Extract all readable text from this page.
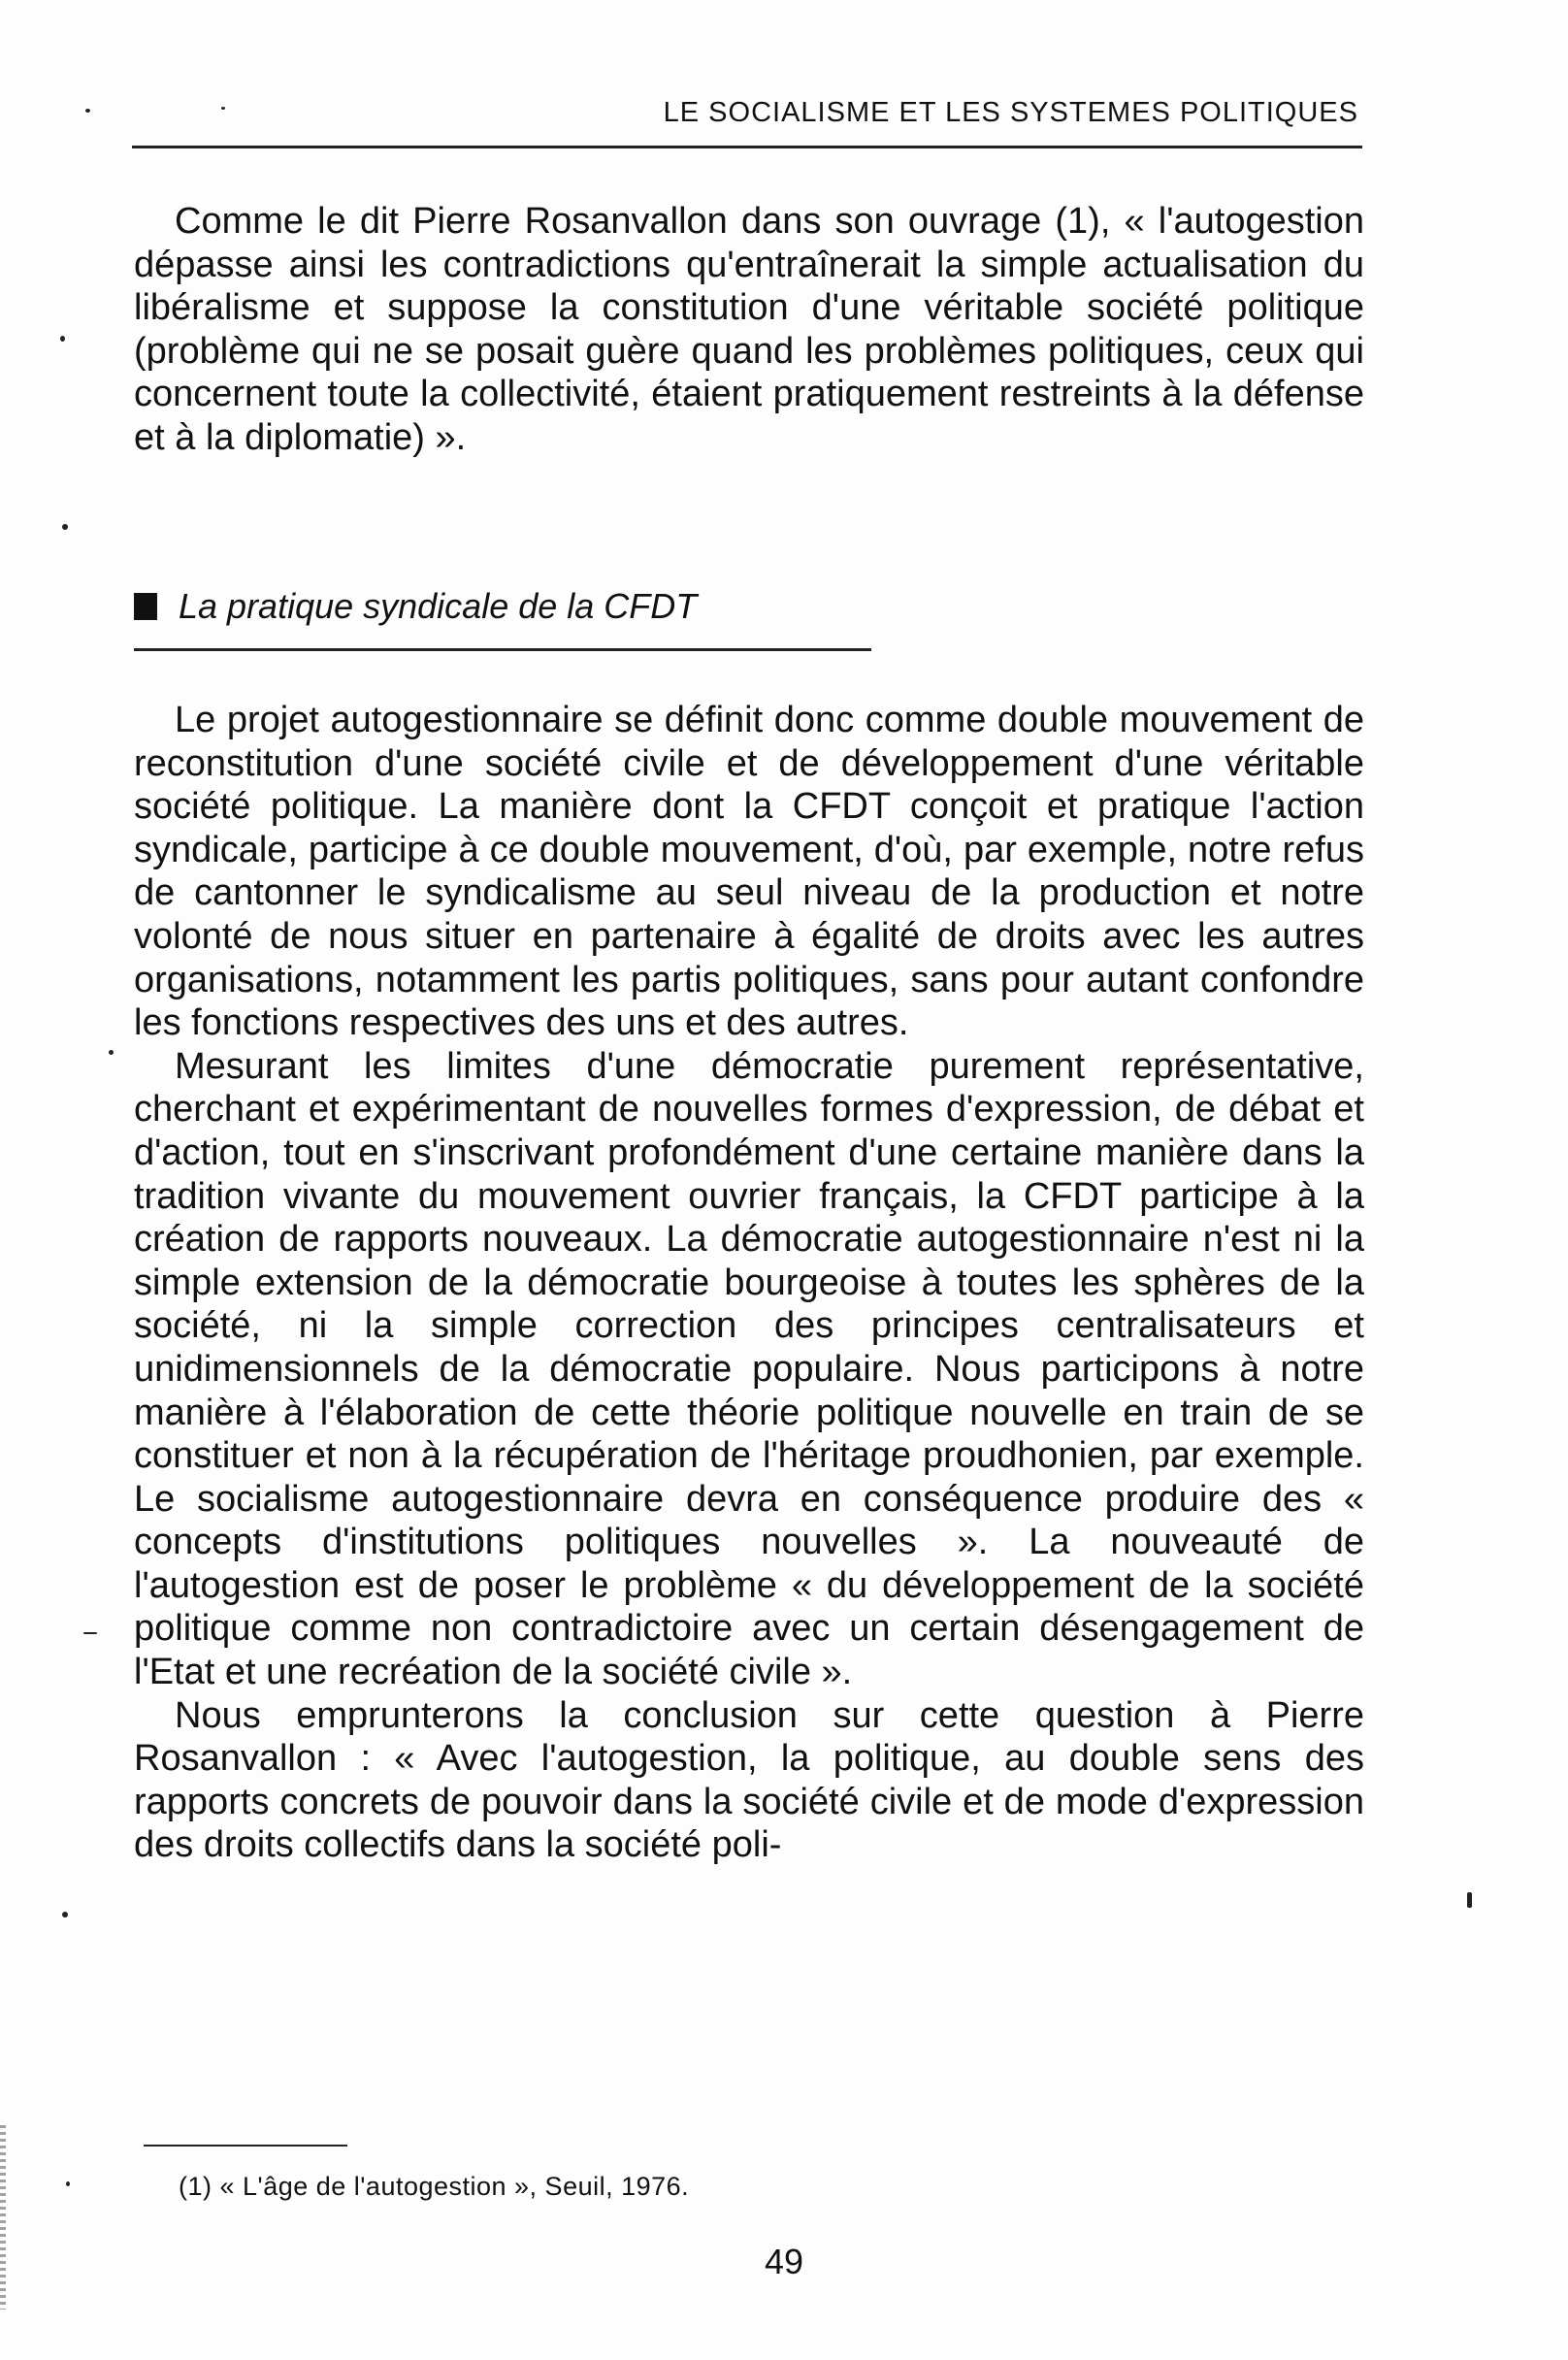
LE SOCIALISME ET LES SYSTEMES POLITIQUES

Comme le dit Pierre Rosanvallon dans son ouvrage (1), « l'autogestion dépasse ainsi les contradictions qu'entraînerait la simple actualisation du libéralisme et suppose la constitution d'une véritable société politique (problème qui ne se posait guère quand les problèmes politiques, ceux qui concernent toute la collectivité, étaient pratiquement restreints à la défense et à la diplomatie) ».

La pratique syndicale de la CFDT

Le projet autogestionnaire se définit donc comme double mouvement de reconstitution d'une société civile et de développement d'une véritable société politique. La manière dont la CFDT conçoit et pratique l'action syndicale, participe à ce double mouvement, d'où, par exemple, notre refus de cantonner le syndicalisme au seul niveau de la production et notre volonté de nous situer en partenaire à égalité de droits avec les autres organisations, notamment les partis politiques, sans pour autant confondre les fonctions respectives des uns et des autres.

Mesurant les limites d'une démocratie purement représentative, cherchant et expérimentant de nouvelles formes d'expression, de débat et d'action, tout en s'inscrivant profondément d'une certaine manière dans la tradition vivante du mouvement ouvrier français, la CFDT participe à la création de rapports nouveaux. La démocratie autogestionnaire n'est ni la simple extension de la démocratie bourgeoise à toutes les sphères de la société, ni la simple correction des principes centralisateurs et unidimensionnels de la démocratie populaire. Nous participons à notre manière à l'élaboration de cette théorie politique nouvelle en train de se constituer et non à la récupération de l'héritage proudhonien, par exemple. Le socialisme autogestionnaire devra en conséquence produire des « concepts d'institutions politiques nouvelles ». La nouveauté de l'autogestion est de poser le problème « du développement de la société politique comme non contradictoire avec un certain désengagement de l'Etat et une recréation de la société civile ».

Nous emprunterons la conclusion sur cette question à Pierre Rosanvallon : « Avec l'autogestion, la politique, au double sens des rapports concrets de pouvoir dans la société civile et de mode d'expression des droits collectifs dans la société poli-

(1) « L'âge de l'autogestion », Seuil, 1976.
49
